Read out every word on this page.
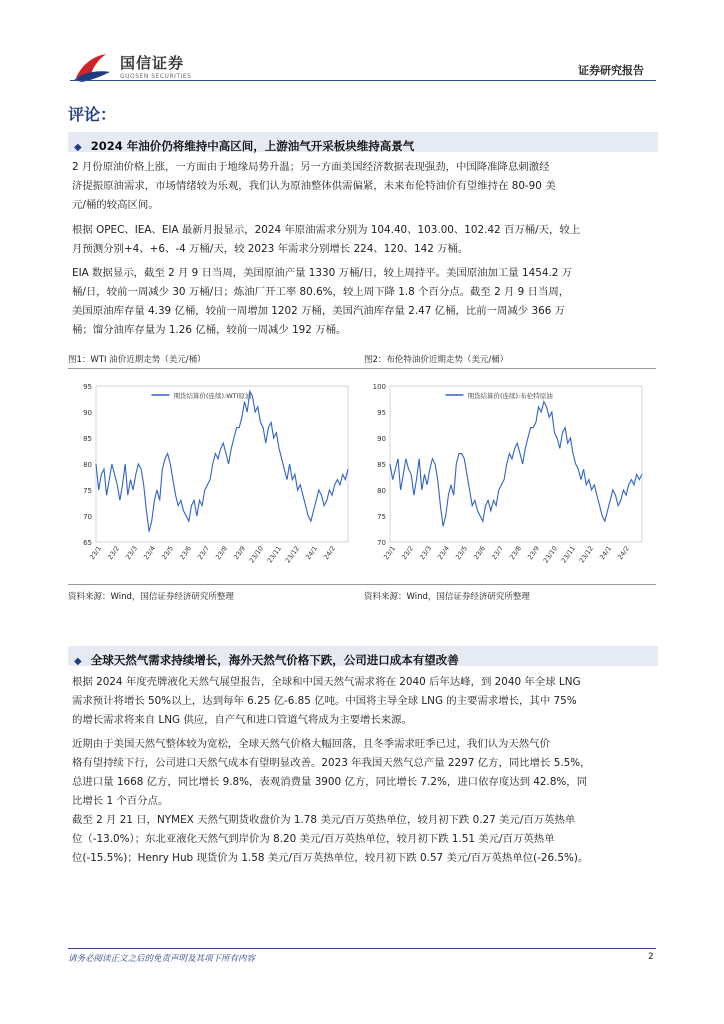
国信证券
GUOSEN SECURITIES	证券研究报告
评论：
◆ 2024 年油价仍将维持中高区间，上游油气开采板块维持高景气
2 月份原油价格上涨，一方面由于地缘局势升温；另一方面美国经济数据表现强劲，中国降准降息刺激经
济提振原油需求，市场情绪较为乐观，我们认为原油整体供需偏紧，未来布伦特油价有望维持在 80-90 美
元/桶的较高区间。
根据 OPEC、IEA、EIA 最新月报显示，2024 年原油需求分别为 104.40、103.00、102.42 百万桶/天，较上
月预测分别+4、+6、-4 万桶/天，较 2023 年需求分别增长 224、120、142 万桶。
EIA 数据显示，截至 2 月 9 日当周，美国原油产量 1330 万桶/日，较上周持平。美国原油加工量 1454.2 万
桶/日，较前一周减少 30 万桶/日；炼油厂开工率 80.6%，较上周下降 1.8 个百分点。截至 2 月 9 日当周，
美国原油库存量 4.39 亿桶，较前一周增加 1202 万桶，美国汽油库存量 2.47 亿桶，比前一周减少 366 万
桶；馏分油库存量为 1.26 亿桶，较前一周减少 192 万桶。
图1：WTI 油价近期走势（美元/桶）	图2：布伦特油价近期走势（美元/桶）
65
70
75
80
85
90
95
23/1 23/2 23/3 23/4 23/5 23/6 23/7 23/8 23/9 23/10 23/11 23/12 24/1 24/2
期货结算价(连续):WTI原油
70
75
80
85
90
95
100
23/1 23/2 23/3 23/4 23/5 23/6 23/7 23/8 23/9 23/10 23/11 23/12 24/1 24/2
期货结算价(连续):布伦特原油
资料来源：Wind，国信证券经济研究所整理	资料来源：Wind，国信证券经济研究所整理
◆ 全球天然气需求持续增长，海外天然气价格下跌，公司进口成本有望改善
根据 2024 年度壳牌液化天然气展望报告，全球和中国天然气需求将在 2040 后年达峰，到 2040 年全球 LNG
需求预计将增长 50%以上，达到每年 6.25 亿-6.85 亿吨。中国将主导全球 LNG 的主要需求增长，其中 75%
的增长需求将来自 LNG 供应，自产气和进口管道气将成为主要增长来源。
近期由于美国天然气整体较为宽松，全球天然气价格大幅回落，且冬季需求旺季已过，我们认为天然气价
格有望持续下行，公司进口天然气成本有望明显改善。2023 年我国天然气总产量 2297 亿方，同比增长 5.5%，
总进口量 1668 亿方，同比增长 9.8%，表观消费量 3900 亿方，同比增长 7.2%，进口依存度达到 42.8%，同
比增长 1 个百分点。
截至 2 月 21 日，NYMEX 天然气期货收盘价为 1.78 美元/百万英热单位，较月初下跌 0.27 美元/百万英热单
位（-13.0%）；东北亚液化天然气到岸价为 8.20 美元/百万英热单位，较月初下跌 1.51 美元/百万英热单
位(-15.5%)；Henry Hub 现货价为 1.58 美元/百万英热单位，较月初下跌 0.57 美元/百万英热单位(-26.5%)。
请务必阅读正文之后的免责声明及其项下所有内容	2
